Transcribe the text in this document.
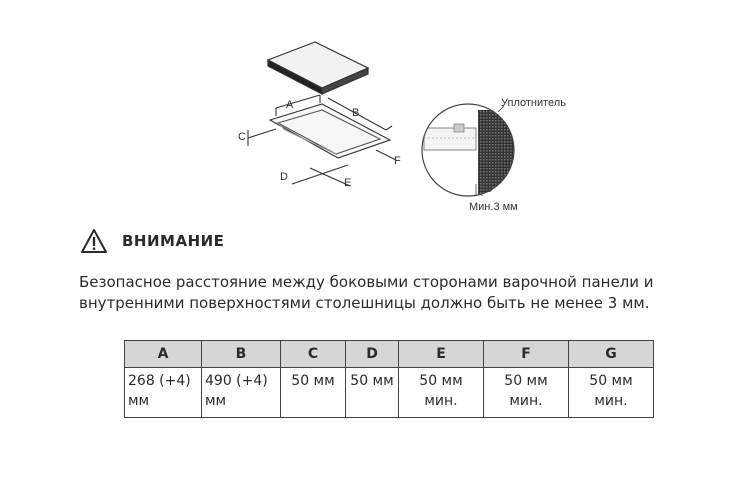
A
B
C
D	E
F
Уплотнитель
G
Мин.3 мм
ВНИМАНИЕ
Безопасное расстояние между боковыми сторонами варочной панели и внутренними поверхностями столешницы должно быть не менее 3 мм.
A	B	C	D	E	F	G
268 (+4) мм	490 (+4) мм	50 мм	50 мм	50 мм мин.	50 мм мин.	50 мм мин.
